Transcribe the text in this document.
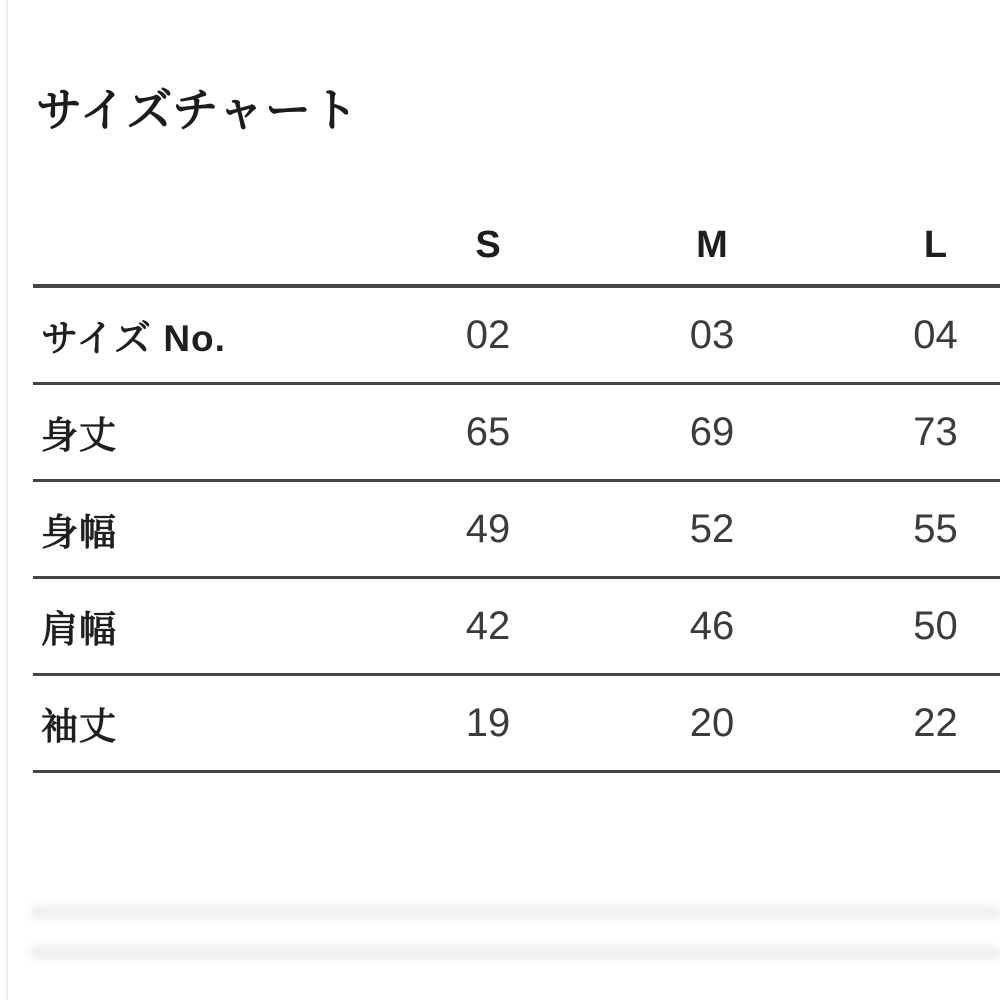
サイズチャート
	S	M	L
サイズ No.	02	03	04
身丈	65	69	73
身幅	49	52	55
肩幅	42	46	50
袖丈	19	20	22
